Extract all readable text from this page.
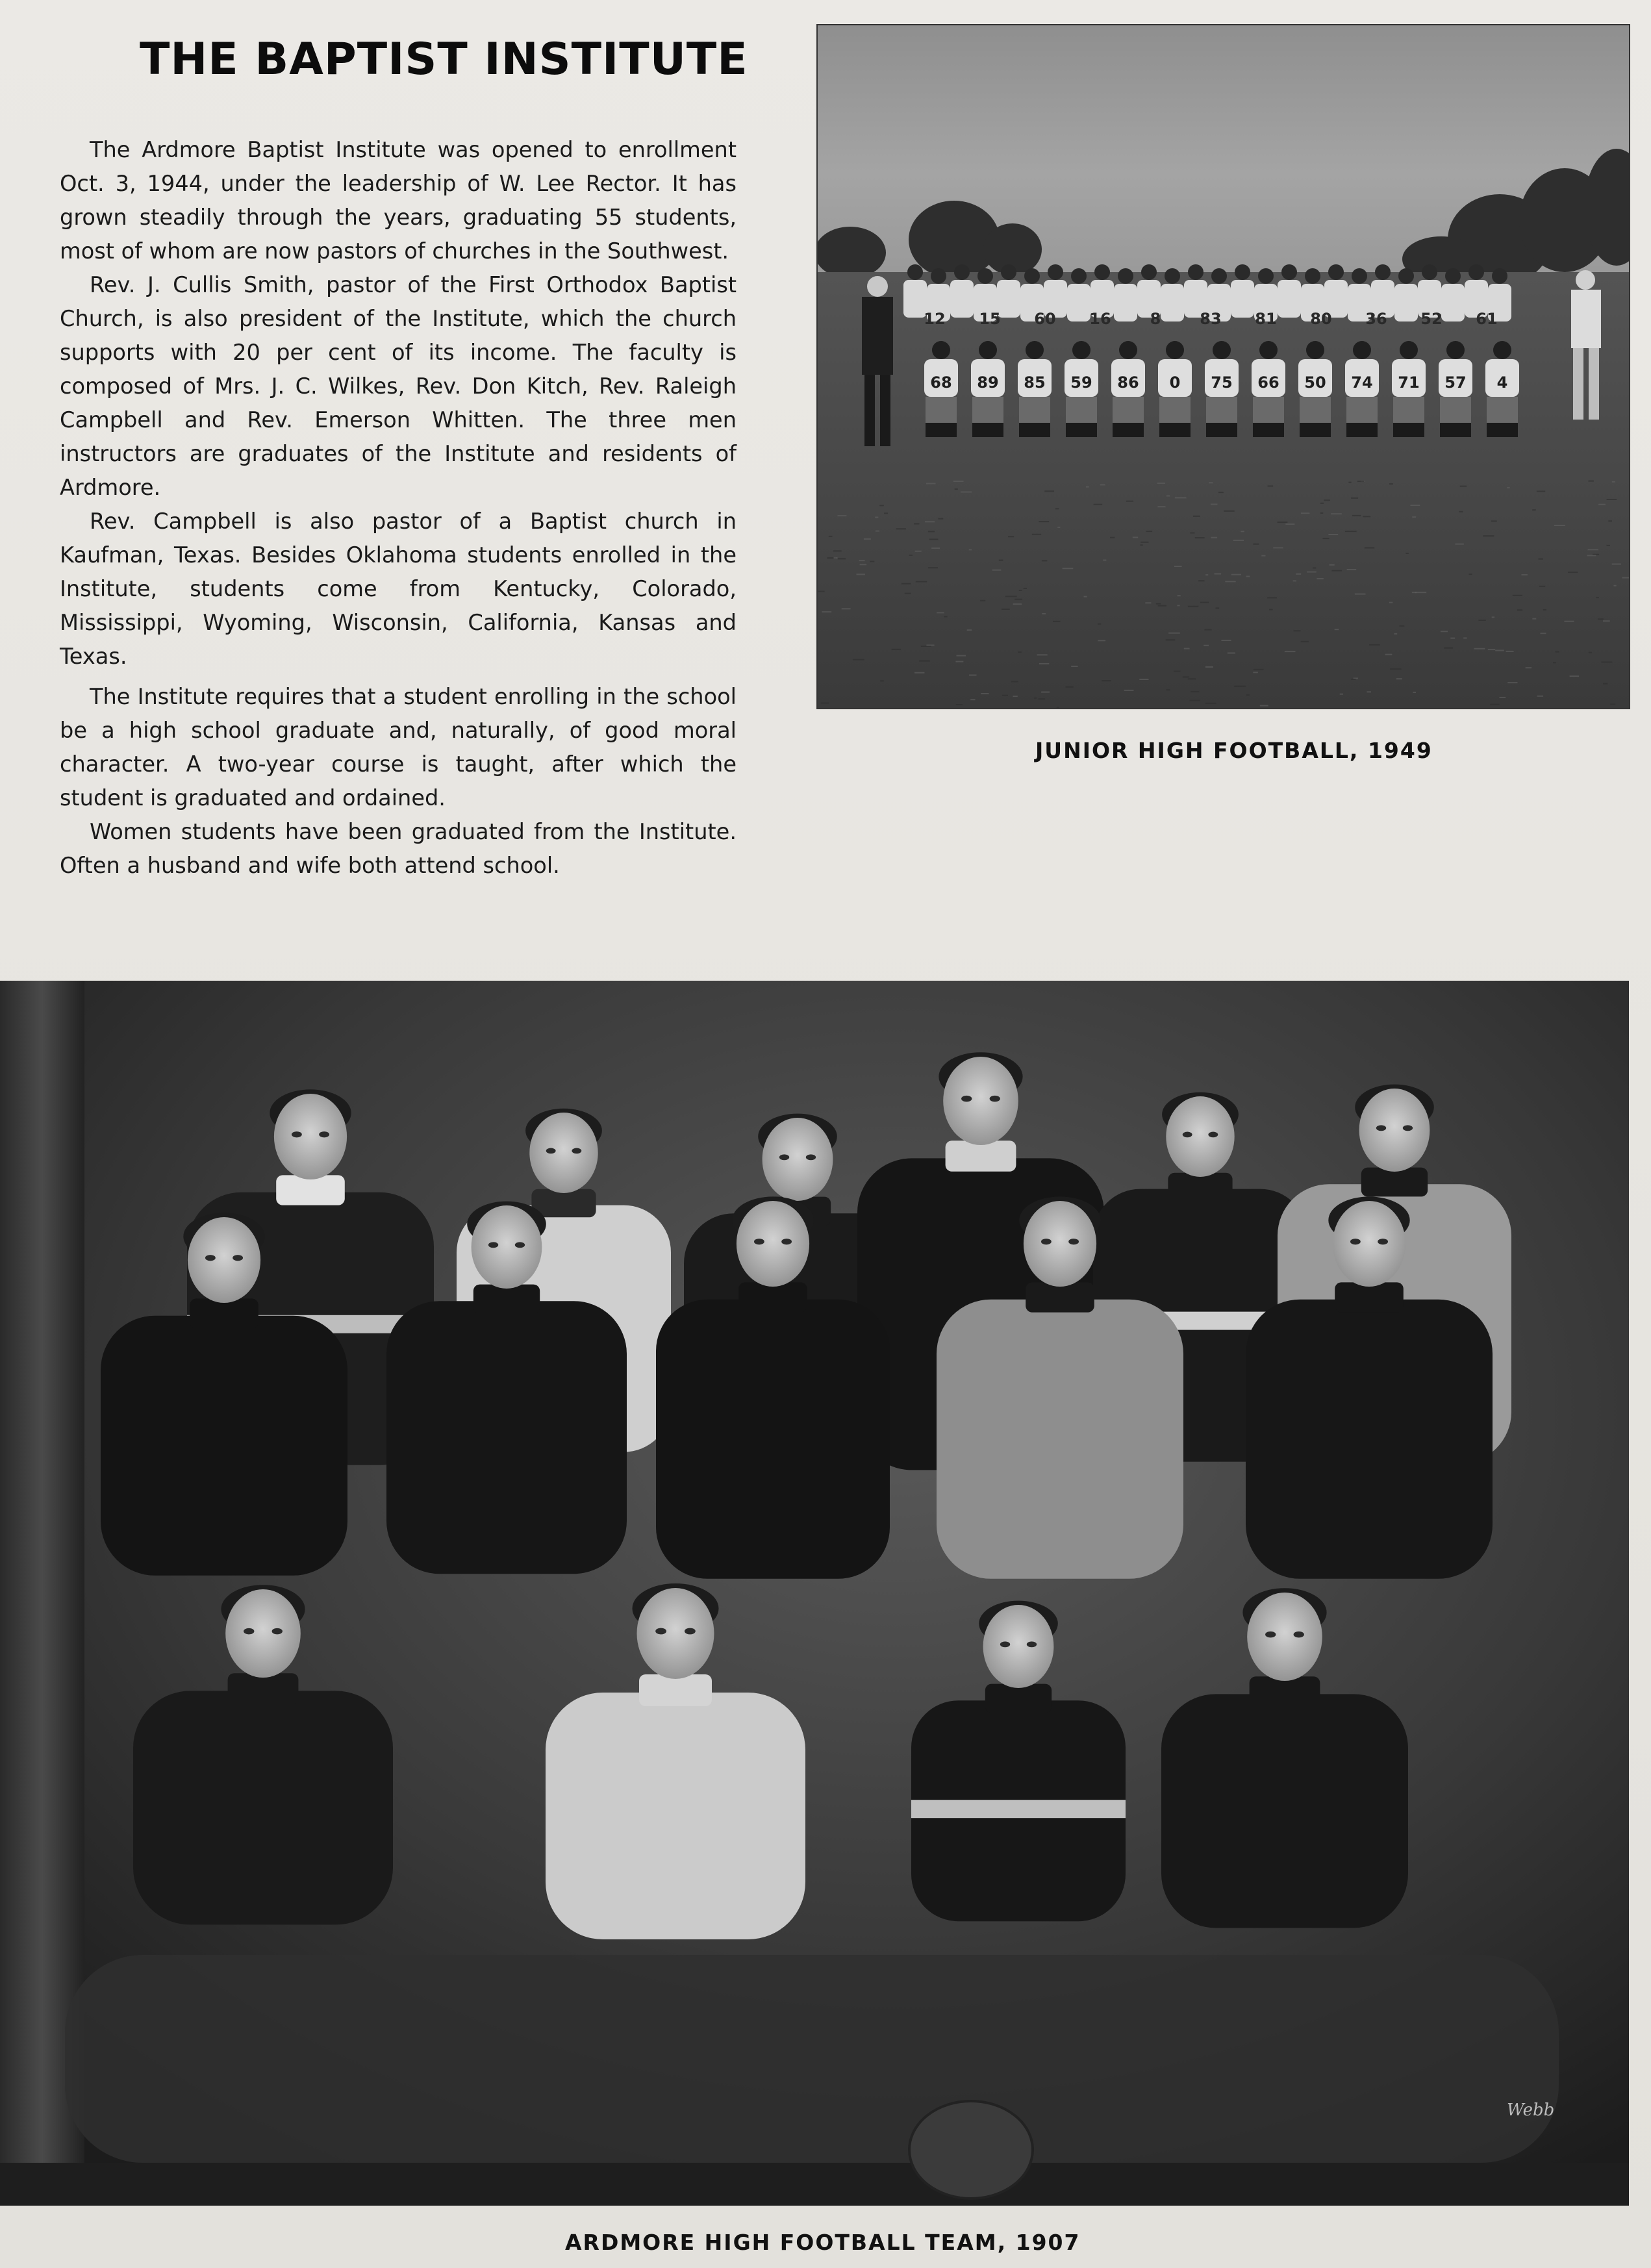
THE BAPTIST INSTITUTE

The Ardmore Baptist Institute was opened to enrollment Oct. 3, 1944, under the leadership of W. Lee Rector. It has grown steadily through the years, graduating 55 students, most of whom are now pastors of churches in the Southwest.

Rev. J. Cullis Smith, pastor of the First Orthodox Baptist Church, is also president of the Institute, which the church supports with 20 per cent of its income. The faculty is composed of Mrs. J. C. Wilkes, Rev. Don Kitch, Rev. Raleigh Campbell and Rev. Emerson Whitten. The three men instructors are graduates of the Institute and residents of Ardmore.

Rev. Campbell is also pastor of a Baptist church in Kaufman, Texas. Besides Oklahoma students enrolled in the Institute, students come from Kentucky, Colorado, Mississippi, Wyoming, Wisconsin, California, Kansas and Texas.

The Institute requires that a student enrolling in the school be a high school graduate and, naturally, of good moral character. A two-year course is taught, after which the student is graduated and ordained.

Women students have been graduated from the Institute. Often a husband and wife both attend school.

12 15 60 16 8 83 81 80 36 52 61
68 89 85 59 86 0 75 66 50 74 71 57 4
JUNIOR HIGH FOOTBALL, 1949
Webb
ARDMORE HIGH FOOTBALL TEAM, 1907
